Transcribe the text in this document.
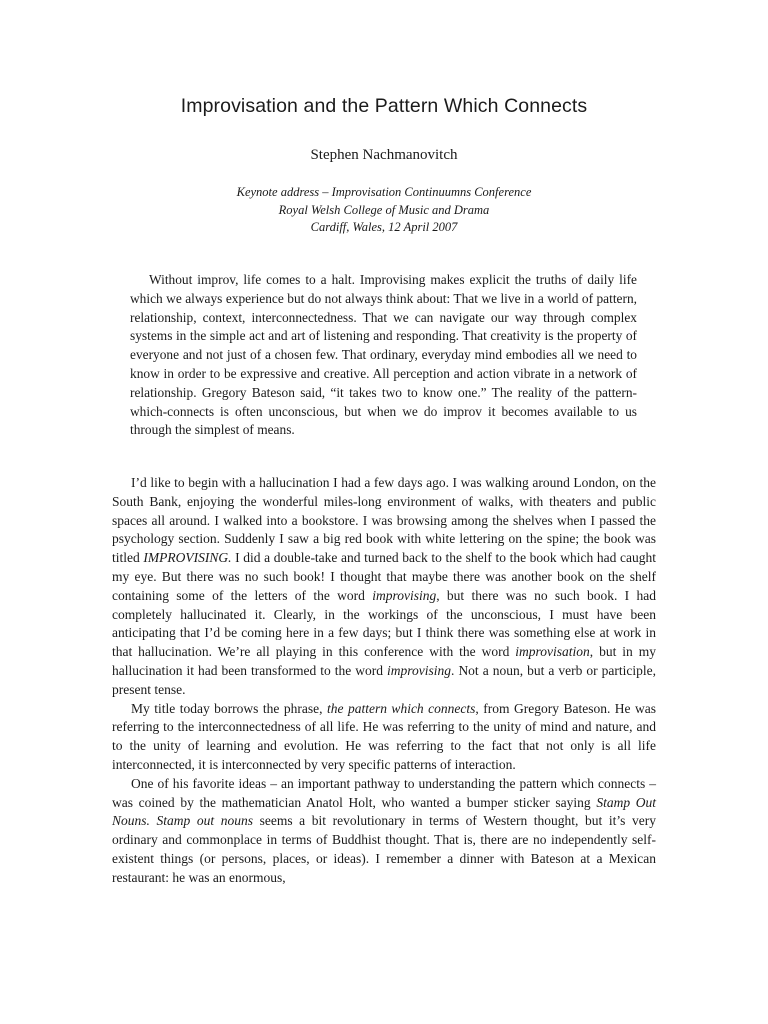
Improvisation and the Pattern Which Connects
Stephen Nachmanovitch
Keynote address – Improvisation Continuumns Conference
Royal Welsh College of Music and Drama
Cardiff, Wales, 12 April 2007

Without improv, life comes to a halt. Improvising makes explicit the truths of daily life which we always experience but do not always think about: That we live in a world of pattern, relationship, context, interconnectedness. That we can navigate our way through complex systems in the simple act and art of listening and responding. That creativity is the property of everyone and not just of a chosen few. That ordinary, everyday mind embodies all we need to know in order to be expressive and creative. All perception and action vibrate in a network of relationship. Gregory Bateson said, “it takes two to know one.” The reality of the pattern-which-connects is often unconscious, but when we do improv it becomes available to us through the simplest of means.

I’d like to begin with a hallucination I had a few days ago. I was walking around London, on the South Bank, enjoying the wonderful miles-long environment of walks, with theaters and public spaces all around. I walked into a bookstore. I was browsing among the shelves when I passed the psychology section. Suddenly I saw a big red book with white lettering on the spine; the book was titled IMPROVISING. I did a double-take and turned back to the shelf to the book which had caught my eye. But there was no such book! I thought that maybe there was another book on the shelf containing some of the letters of the word improvising, but there was no such book. I had completely hallucinated it. Clearly, in the workings of the unconscious, I must have been anticipating that I’d be coming here in a few days; but I think there was something else at work in that hallucination. We’re all playing in this conference with the word improvisation, but in my hallucination it had been transformed to the word improvising. Not a noun, but a verb or participle, present tense.

My title today borrows the phrase, the pattern which connects, from Gregory Bateson. He was referring to the interconnectedness of all life. He was referring to the unity of mind and nature, and to the unity of learning and evolution. He was referring to the fact that not only is all life interconnected, it is interconnected by very specific patterns of interaction.

One of his favorite ideas – an important pathway to understanding the pattern which connects – was coined by the mathematician Anatol Holt, who wanted a bumper sticker saying Stamp Out Nouns. Stamp out nouns seems a bit revolutionary in terms of Western thought, but it’s very ordinary and commonplace in terms of Buddhist thought. That is, there are no independently self-existent things (or persons, places, or ideas). I remember a dinner with Bateson at a Mexican restaurant: he was an enormous,
